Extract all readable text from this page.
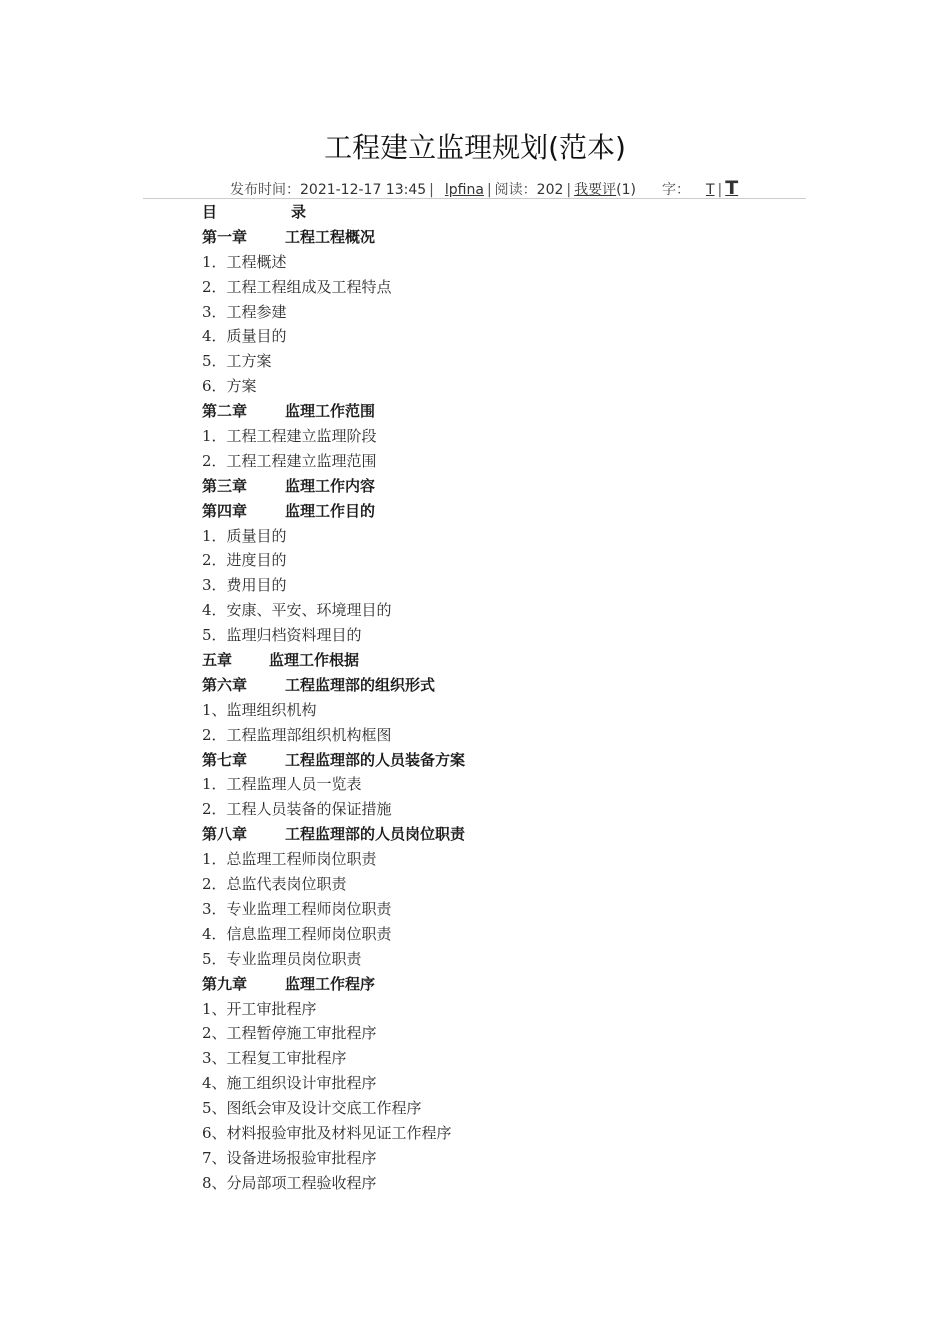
工程建立监理规划(范本)
发布时间：2021-12-17 13:45 | lpfina | 阅读：202 | 我要评(1) 字： T | T
目	录
第一章	工程工程概况
1．工程概述
2．工程工程组成及工程特点
3．工程参建
4．质量目的
5．工方案
6．方案
第二章	监理工作范围
1．工程工程建立监理阶段
2．工程工程建立监理范围
第三章	监理工作内容
第四章	监理工作目的
1．质量目的
2．进度目的
3．费用目的
4．安康、平安、环境理目的
5．监理归档资料理目的
五章 监理工作根据
第六章	工程监理部的组织形式
1、监理组织机构
2．工程监理部组织机构框图
第七章	工程监理部的人员装备方案
1．工程监理人员一览表
2．工程人员装备的保证措施
第八章	工程监理部的人员岗位职责
1．总监理工程师岗位职责
2．总监代表岗位职责
3．专业监理工程师岗位职责
4．信息监理工程师岗位职责
5．专业监理员岗位职责
第九章	监理工作程序
1、开工审批程序
2、工程暂停施工审批程序
3、工程复工审批程序
4、施工组织设计审批程序
5、图纸会审及设计交底工作程序
6、材料报验审批及材料见证工作程序
7、设备进场报验审批程序
8、分局部项工程验收程序
